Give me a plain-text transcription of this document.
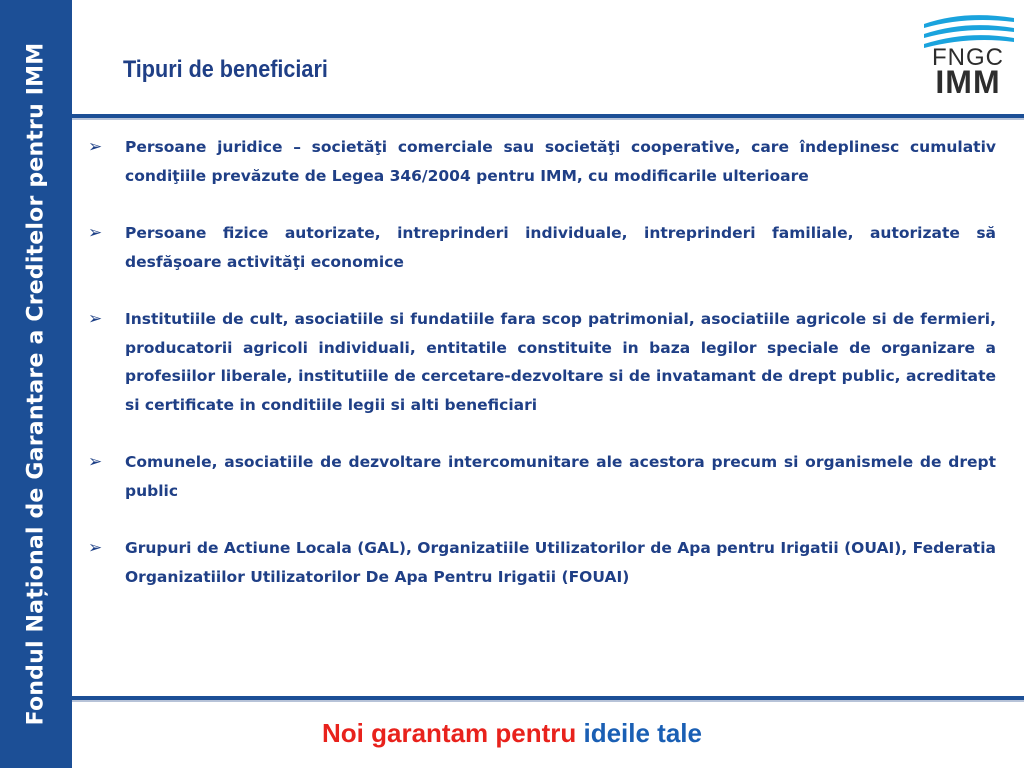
Fondul Național de Garantare a Creditelor pentru IMM	Tipuri de beneficiari	FNGC
IMM
➢ Persoane juridice – societăţi comerciale sau societăţi cooperative, care îndeplinesc cumulativ condiţiile prevăzute de Legea 346/2004 pentru IMM, cu modificarile ulterioare
➢ Persoane fizice autorizate, intreprinderi individuale, intreprinderi familiale, autorizate să desfăşoare activităţi economice
➢ Institutiile de cult, asociatiile si fundatiile fara scop patrimonial, asociatiile agricole si de fermieri, producatorii agricoli individuali, entitatile constituite in baza legilor speciale de organizare a profesiilor liberale, institutiile de cercetare-dezvoltare si de invatamant de drept public, acreditate si certificate in conditiile legii si alti beneficiari
➢ Comunele, asociatiile de dezvoltare intercomunitare ale acestora precum si organismele de drept public
➢ Grupuri de Actiune Locala (GAL), Organizatiile Utilizatorilor de Apa pentru Irigatii (OUAI), Federatia Organizatiilor Utilizatorilor De Apa Pentru Irigatii (FOUAI)
Noi garantam pentru ideile tale
